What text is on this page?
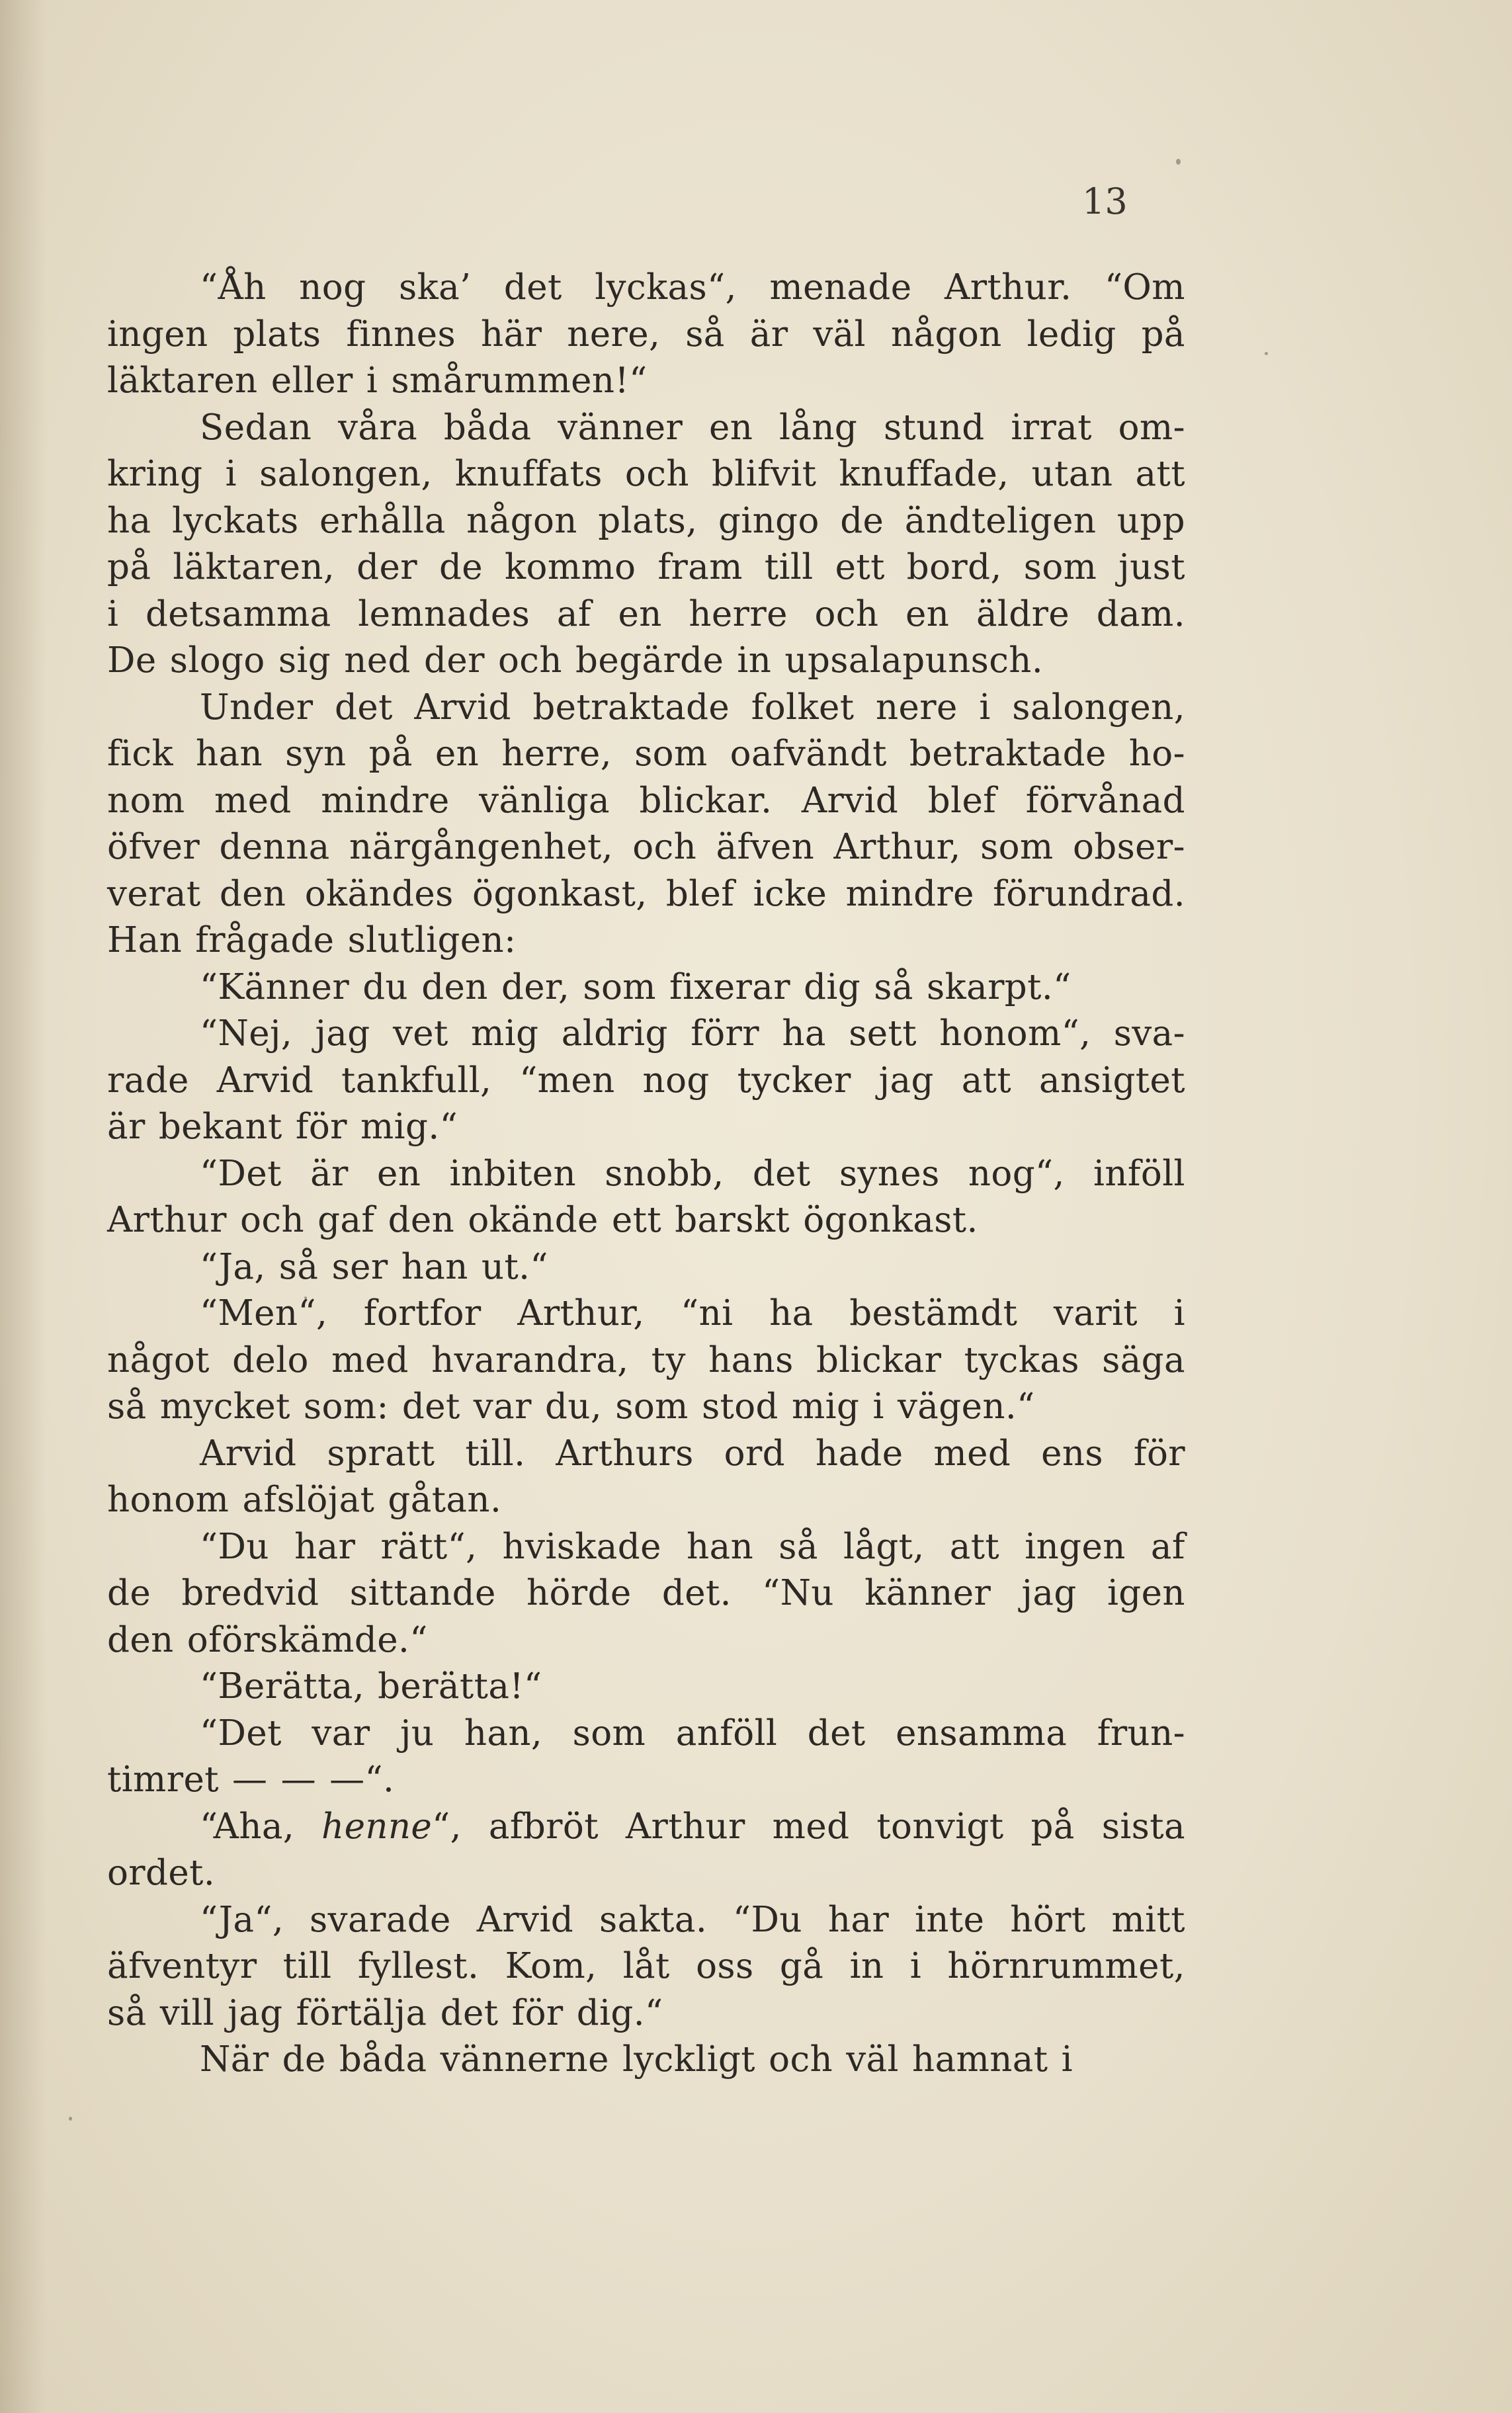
13
“Åh nog ska’ det lyckas“, menade Arthur. “Om
ingen plats finnes här nere, så är väl någon ledig på
läktaren eller i smårummen!“
Sedan våra båda vänner en lång stund irrat om-
kring i salongen, knuffats och blifvit knuffade, utan att
ha lyckats erhålla någon plats, gingo de ändteligen upp
på läktaren, der de kommo fram till ett bord, som just
i detsamma lemnades af en herre och en äldre dam.
De slogo sig ned der och begärde in upsalapunsch.
Under det Arvid betraktade folket nere i salongen,
fick han syn på en herre, som oafvändt betraktade ho-
nom med mindre vänliga blickar. Arvid blef förvånad
öfver denna närgångenhet, och äfven Arthur, som obser-
verat den okändes ögonkast, blef icke mindre förundrad.
Han frågade slutligen:
“Känner du den der, som fixerar dig så skarpt.“
“Nej, jag vet mig aldrig förr ha sett honom“, sva-
rade Arvid tankfull, “men nog tycker jag att ansigtet
är bekant för mig.“
“Det är en inbiten snobb, det synes nog“, inföll
Arthur och gaf den okände ett barskt ögonkast.
“Ja, så ser han ut.“
“Men“, fortfor Arthur, “ni ha bestämdt varit i
något delo med hvarandra, ty hans blickar tyckas säga
så mycket som: det var du, som stod mig i vägen.“
Arvid spratt till. Arthurs ord hade med ens för
honom afslöjat gåtan.
“Du har rätt“, hviskade han så lågt, att ingen af
de bredvid sittande hörde det. “Nu känner jag igen
den oförskämde.“
“Berätta, berätta!“
“Det var ju han, som anföll det ensamma frun-
timret — — —“.
“Aha, henne“, afbröt Arthur med tonvigt på sista
ordet.
“Ja“, svarade Arvid sakta. “Du har inte hört mitt
äfventyr till fyllest. Kom, låt oss gå in i hörnrummet,
så vill jag förtälja det för dig.“
När de båda vännerne lyckligt och väl hamnat i
